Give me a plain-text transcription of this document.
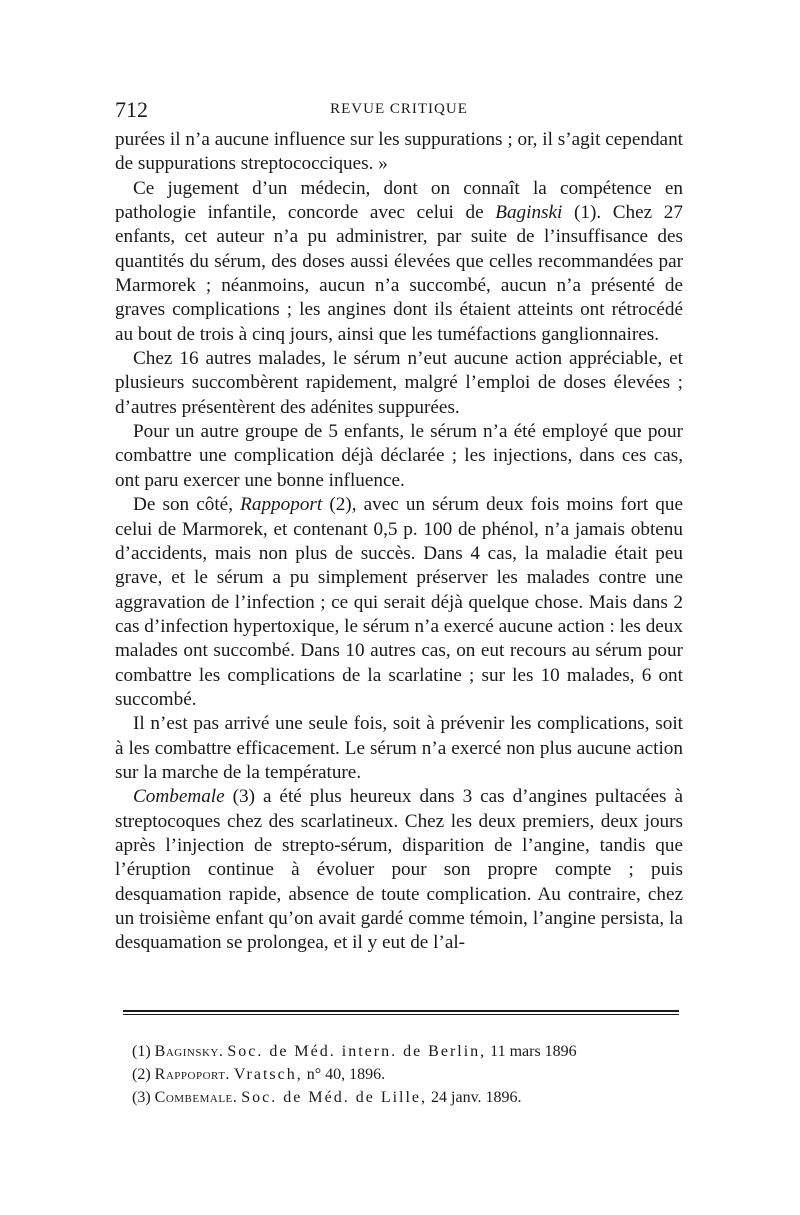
712	REVUE CRITIQUE

purées il n’a aucune influence sur les suppurations ; or, il s’agit cependant de suppurations streptococciques. »

Ce jugement d’un médecin, dont on connaît la compétence en pathologie infantile, concorde avec celui de Baginski (1). Chez 27 enfants, cet auteur n’a pu administrer, par suite de l’insuffisance des quantités du sérum, des doses aussi élevées que celles recommandées par Marmorek ; néanmoins, aucun n’a succombé, aucun n’a présenté de graves complications ; les angines dont ils étaient atteints ont rétrocédé au bout de trois à cinq jours, ainsi que les tuméfactions ganglionnaires.

Chez 16 autres malades, le sérum n’eut aucune action appréciable, et plusieurs succombèrent rapidement, malgré l’emploi de doses élevées ; d’autres présentèrent des adénites suppurées.

Pour un autre groupe de 5 enfants, le sérum n’a été employé que pour combattre une complication déjà déclarée ; les injections, dans ces cas, ont paru exercer une bonne influence.

De son côté, Rappoport (2), avec un sérum deux fois moins fort que celui de Marmorek, et contenant 0,5 p. 100 de phénol, n’a jamais obtenu d’accidents, mais non plus de succès. Dans 4 cas, la maladie était peu grave, et le sérum a pu simplement préserver les malades contre une aggravation de l’infection ; ce qui serait déjà quelque chose. Mais dans 2 cas d’infection hypertoxique, le sérum n’a exercé aucune action : les deux malades ont succombé. Dans 10 autres cas, on eut recours au sérum pour combattre les complications de la scarlatine ; sur les 10 malades, 6 ont succombé.

Il n’est pas arrivé une seule fois, soit à prévenir les complications, soit à les combattre efficacement. Le sérum n’a exercé non plus aucune action sur la marche de la température.

Combemale (3) a été plus heureux dans 3 cas d’angines pultacées à streptocoques chez des scarlatineux. Chez les deux premiers, deux jours après l’injection de strepto-sérum, disparition de l’angine, tandis que l’éruption continue à évoluer pour son propre compte ; puis desquamation rapide, absence de toute complication. Au contraire, chez un troisième enfant qu’on avait gardé comme témoin, l’angine persista, la desquamation se prolongea, et il y eut de l’al-

(1) Baginsky. Soc. de Méd. intern. de Berlin, 11 mars 1896
(2) Rappoport. Vratsch, n° 40, 1896.
(3) Combemale. Soc. de Méd. de Lille, 24 janv. 1896.
